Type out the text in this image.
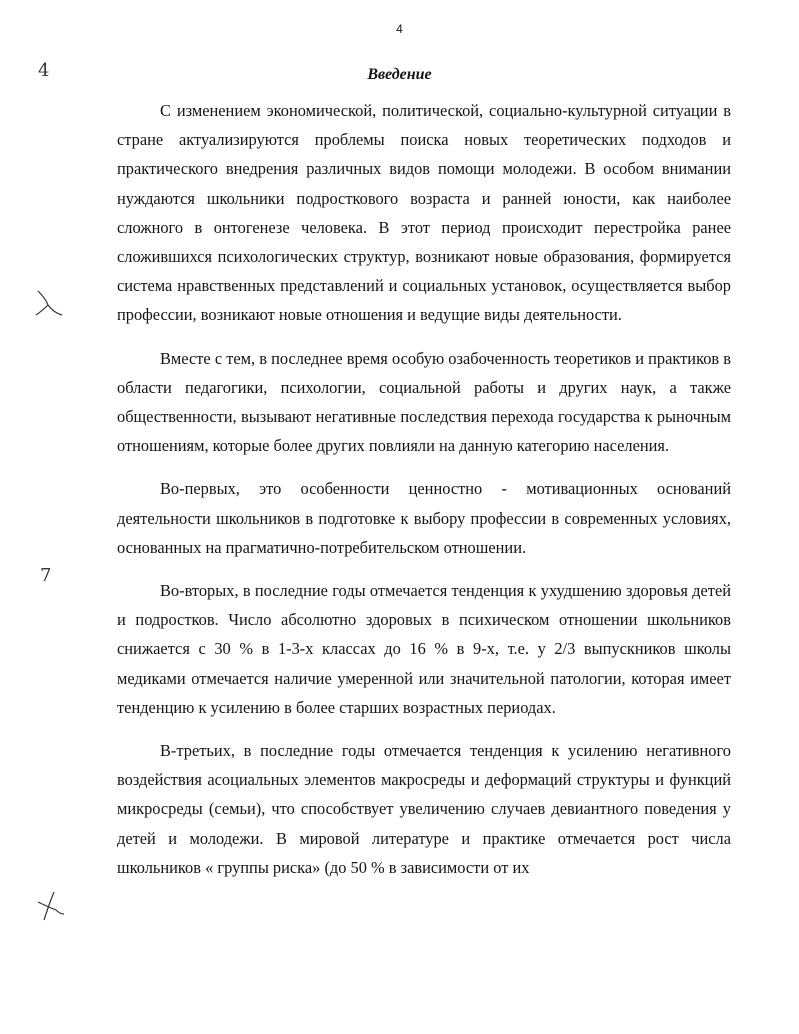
4
4
7
Введение

С изменением экономической, политической, социально-культурной ситуации в стране актуализируются проблемы поиска новых теоретических подходов и практического внедрения различных видов помощи молодежи. В особом внимании нуждаются школьники подросткового возраста и ранней юности, как наиболее сложного в онтогенезе человека. В этот период происходит перестройка ранее сложившихся психологических структур, возникают новые образования, формируется система нравственных представлений и социальных установок, осуществляется выбор профессии, возникают новые отношения и ведущие виды деятельности.

Вместе с тем, в последнее время особую озабоченность теоретиков и практиков в области педагогики, психологии, социальной работы и других наук, а также общественности, вызывают негативные последствия перехода государства к рыночным отношениям, которые более других повлияли на данную категорию населения.

Во-первых, это особенности ценностно - мотивационных оснований деятельности школьников в подготовке к выбору профессии в современных условиях, основанных на прагматично-потребительском отношении.

Во-вторых, в последние годы отмечается тенденция к ухудшению здоровья детей и подростков. Число абсолютно здоровых в психическом отношении школьников снижается с 30 % в 1-3-х классах до 16 % в 9-х, т.е. у 2/3 выпускников школы медиками отмечается наличие умеренной или значительной патологии, которая имеет тенденцию к усилению в более старших возрастных периодах.

В-третьих, в последние годы отмечается тенденция к усилению негативного воздействия асоциальных элементов макросреды и деформаций структуры и функций микросреды (семьи), что способствует увеличению случаев девиантного поведения у детей и молодежи. В мировой литературе и практике отмечается рост числа школьников « группы риска» (до 50 % в зависимости от их
